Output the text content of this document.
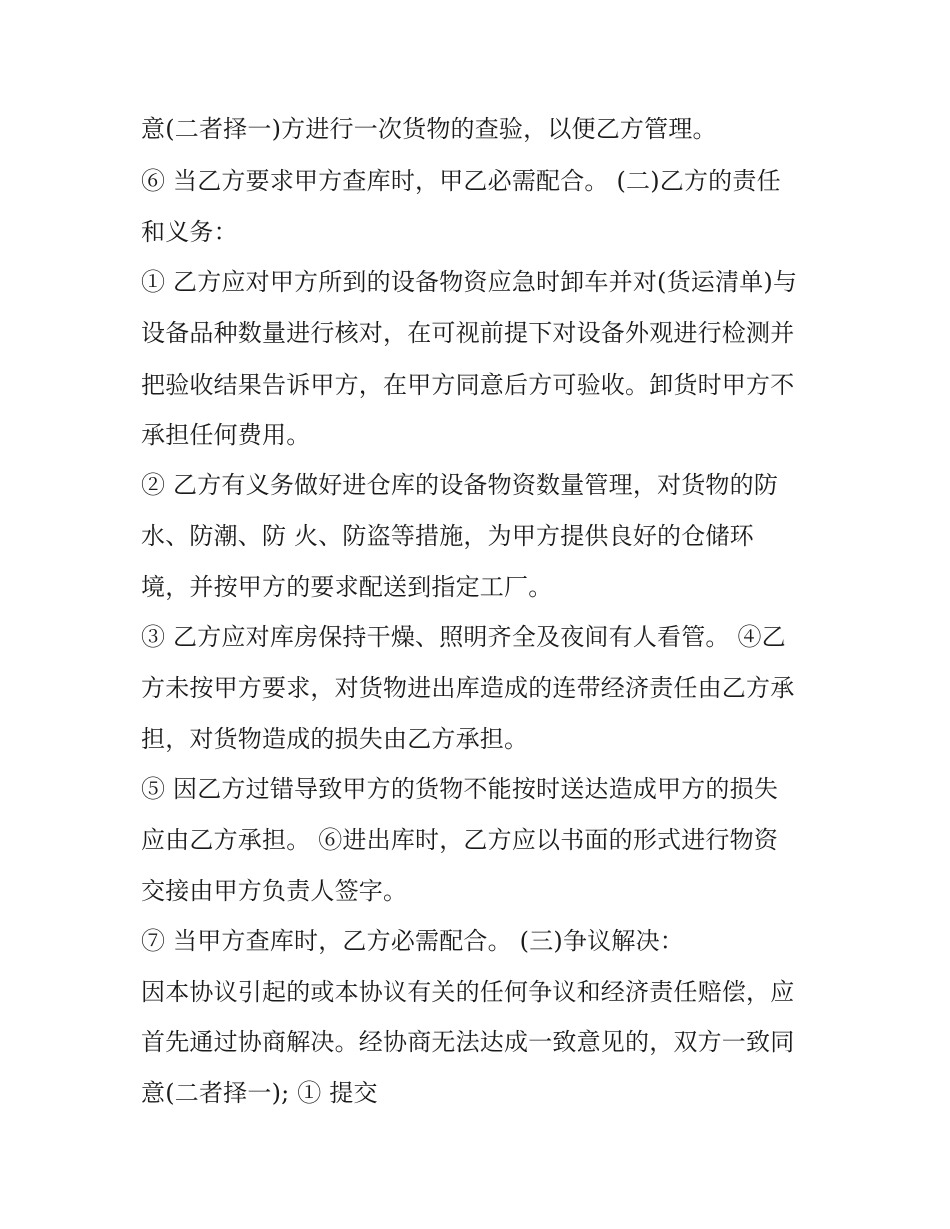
意(二者择一)方进行一次货物的查验，以便乙方管理。
⑥ 当乙方要求甲方查库时，甲乙必需配合。 (二)乙方的责任
和义务：
① 乙方应对甲方所到的设备物资应急时卸车并对(货运清单)与
设备品种数量进行核对，在可视前提下对设备外观进行检测并
把验收结果告诉甲方，在甲方同意后方可验收。卸货时甲方不
承担任何费用。
② 乙方有义务做好进仓库的设备物资数量管理，对货物的防
水、防潮、防 火、防盗等措施，为甲方提供良好的仓储环
境，并按甲方的要求配送到指定工厂。
③ 乙方应对库房保持干燥、照明齐全及夜间有人看管。 ④乙
方未按甲方要求，对货物进出库造成的连带经济责任由乙方承
担，对货物造成的损失由乙方承担。
⑤ 因乙方过错导致甲方的货物不能按时送达造成甲方的损失
应由乙方承担。 ⑥进出库时，乙方应以书面的形式进行物资
交接由甲方负责人签字。
⑦ 当甲方查库时，乙方必需配合。 (三)争议解决：
因本协议引起的或本协议有关的任何争议和经济责任赔偿，应
首先通过协商解决。经协商无法达成一致意见的，双方一致同
意(二者择一); ① 提交
